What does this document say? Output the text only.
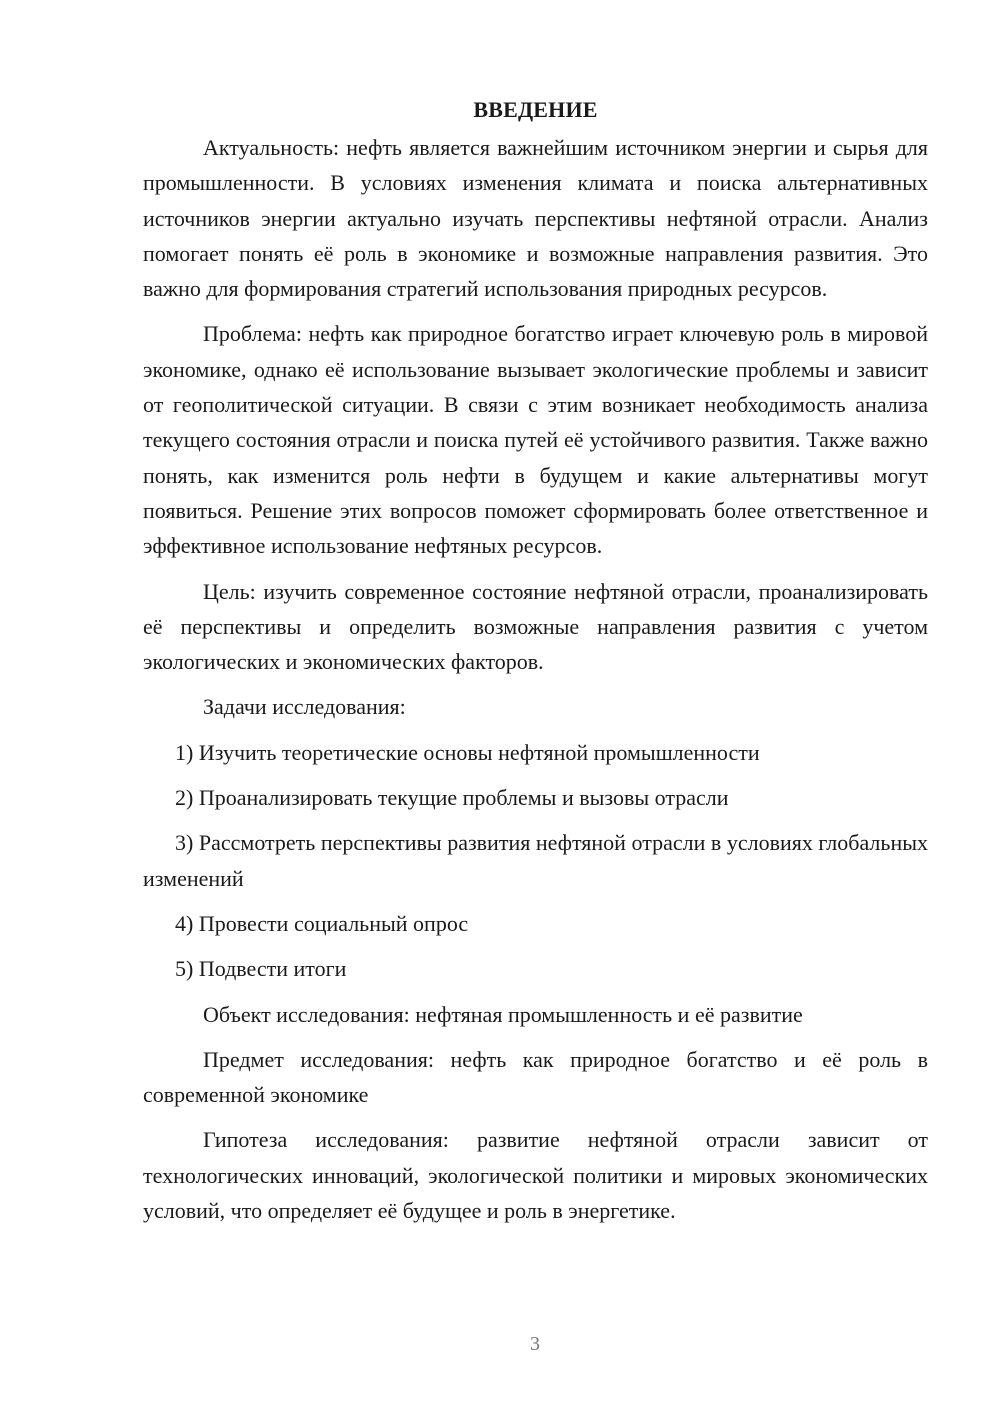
ВВЕДЕНИЕ

Актуальность: нефть является важнейшим источником энергии и сырья для промышленности. В условиях изменения климата и поиска альтернативных источников энергии актуально изучать перспективы нефтяной отрасли. Анализ помогает понять её роль в экономике и возможные направления развития. Это важно для формирования стратегий использования природных ресурсов.

Проблема: нефть как природное богатство играет ключевую роль в мировой экономике, однако её использование вызывает экологические проблемы и зависит от геополитической ситуации. В связи с этим возникает необходимость анализа текущего состояния отрасли и поиска путей её устойчивого развития. Также важно понять, как изменится роль нефти в будущем и какие альтернативы могут появиться. Решение этих вопросов поможет сформировать более ответственное и эффективное использование нефтяных ресурсов.

Цель: изучить современное состояние нефтяной отрасли, проанализировать её перспективы и определить возможные направления развития с учетом экологических и экономических факторов.

Задачи исследования:

1) Изучить теоретические основы нефтяной промышленности

2) Проанализировать текущие проблемы и вызовы отрасли

3) Рассмотреть перспективы развития нефтяной отрасли в условиях глобальных изменений

4) Провести социальный опрос

5) Подвести итоги

Объект исследования: нефтяная промышленность и её развитие

Предмет исследования: нефть как природное богатство и её роль в современной экономике

Гипотеза исследования: развитие нефтяной отрасли зависит от технологических инноваций, экологической политики и мировых экономических условий, что определяет её будущее и роль в энергетике.

3
